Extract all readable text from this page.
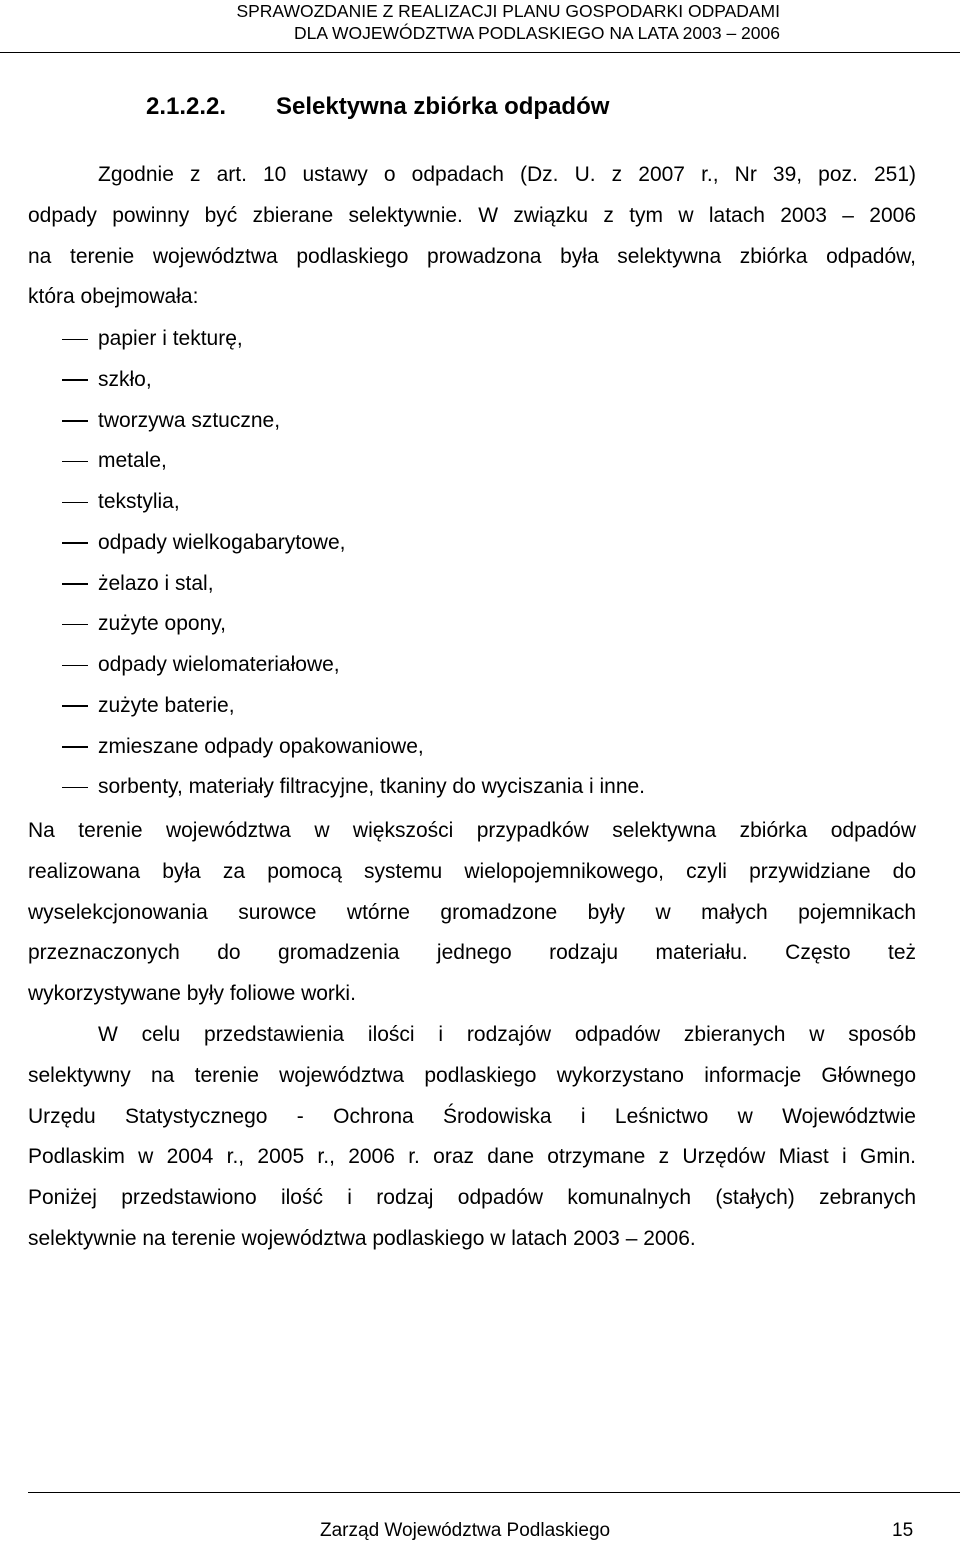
SPRAWOZDANIE Z REALIZACJI PLANU GOSPODARKI ODPADAMI
DLA WOJEWÓDZTWA PODLASKIEGO NA LATA 2003 – 2006
2.1.2.2. Selektywna zbiórka odpadów
Zgodnie z art. 10 ustawy o odpadach (Dz. U. z 2007 r., Nr 39, poz. 251)
odpady powinny być zbierane selektywnie. W związku z tym w latach 2003 – 2006
na terenie województwa podlaskiego prowadzona była selektywna zbiórka odpadów,
która obejmowała:
papier i tekturę,
szkło,
tworzywa sztuczne,
metale,
tekstylia,
odpady wielkogabarytowe,
żelazo i stal,
zużyte opony,
odpady wielomateriałowe,
zużyte baterie,
zmieszane odpady opakowaniowe,
sorbenty, materiały filtracyjne, tkaniny do wyciszania i inne.
Na terenie województwa w większości przypadków selektywna zbiórka odpadów
realizowana była za pomocą systemu wielopojemnikowego, czyli przywidziane do
wyselekcjonowania surowce wtórne gromadzone były w małych pojemnikach
przeznaczonych do gromadzenia jednego rodzaju materiału. Często też
wykorzystywane były foliowe worki.
W celu przedstawienia ilości i rodzajów odpadów zbieranych w sposób
selektywny na terenie województwa podlaskiego wykorzystano informacje Głównego
Urzędu Statystycznego - Ochrona Środowiska i Leśnictwo w Województwie
Podlaskim w 2004 r., 2005 r., 2006 r. oraz dane otrzymane z Urzędów Miast i Gmin.
Poniżej przedstawiono ilość i rodzaj odpadów komunalnych (stałych) zebranych
selektywnie na terenie województwa podlaskiego w latach 2003 – 2006.
Zarząd Województwa Podlaskiego	15
